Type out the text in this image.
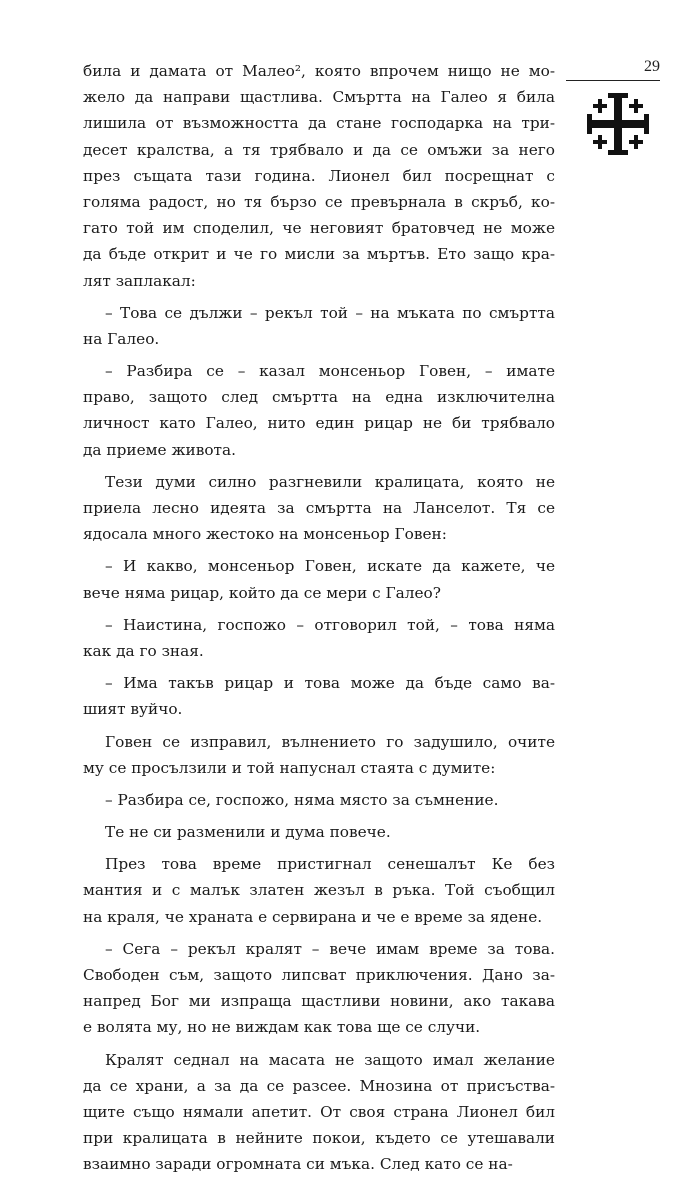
29
била и дамата от Малео², която впрочем нищо не мо-
жело да направи щастлива. Смъртта на Галео я била
лишила от възможността да стане господарка на три-
десет кралства, а тя трябвало и да се омъжи за него
през същата тази година. Лионел бил посрещнат с
голяма радост, но тя бързо се превърнала в скръб, ко-
гато той им споделил, че неговият братовчед не може
да бъде открит и че го мисли за мъртъв. Ето защо кра-
лят заплакал:
– Това се дължи – рекъл той – на мъката по смъртта
на Галео.
– Разбира се – казал монсеньор Говен, – имате
право, защото след смъртта на една изключителна
личност като Галео, нито един рицар не би трябвало
да приеме живота.
Тези думи силно разгневили кралицата, която не
приела лесно идеята за смъртта на Ланселот. Тя се
ядосала много жестоко на монсеньор Говен:
– И какво, монсеньор Говен, искате да кажете, че
вече няма рицар, който да се мери с Галео?
– Наистина, госпожо – отговорил той, – това няма
как да го зная.
– Има такъв рицар и това може да бъде само ва-
шият вуйчо.
Говен се изправил, вълнението го задушило, очите
му се просълзили и той напуснал стаята с думите:
– Разбира се, госпожо, няма място за съмнение.
Те не си разменили и дума повече.
През това време пристигнал сенешалът Ке без
мантия и с малък златен жезъл в ръка. Той съобщил
на краля, че храната е сервирана и че е време за ядене.
– Сега – рекъл кралят – вече имам време за това.
Свободен съм, защото липсват приключения. Дано за-
напред Бог ми изпраща щастливи новини, ако такава
е волята му, но не виждам как това ще се случи.
Кралят седнал на масата не защото имал желание
да се храни, а за да се разсее. Мнозина от присъства-
щите също нямали апетит. От своя страна Лионел бил
при кралицата в нейните покои, където се утешавали
взаимно заради огромната си мъка. След като се на-
